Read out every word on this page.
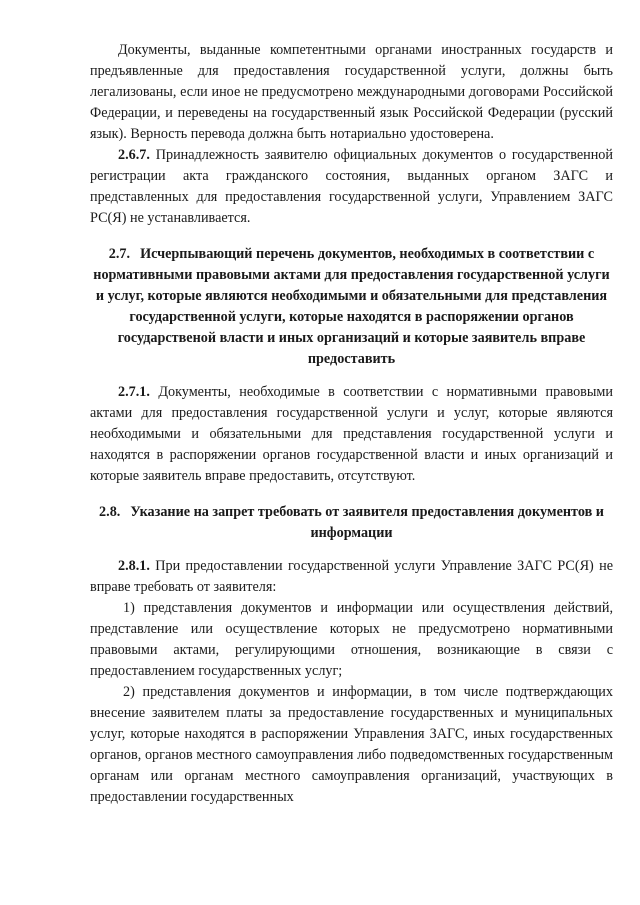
Документы, выданные компетентными органами иностранных государств и предъявленные для предоставления государственной услуги, должны быть легализованы, если иное не предусмотрено международными договорами Российской Федерации, и переведены на государственный язык Российской Федерации (русский язык). Верность перевода должна быть нотариально удостоверена.

2.6.7. Принадлежность заявителю официальных документов о государственной регистрации акта гражданского состояния, выданных органом ЗАГС и представленных для предоставления государственной услуги, Управлением ЗАГС РС(Я) не устанавливается.

2.7. Исчерпывающий перечень документов, необходимых в соответствии с нормативными правовыми актами для предоставления государственной услуги и услуг, которые являются необходимыми и обязательными для представления государственной услуги, которые находятся в распоряжении органов государственой власти и иных организаций и которые заявитель вправе предоставить

2.7.1. Документы, необходимые в соответствии с нормативными правовыми актами для предоставления государственной услуги и услуг, которые являются необходимыми и обязательными для представления государственной услуги и находятся в распоряжении органов государственной власти и иных организаций и которые заявитель вправе предоставить, отсутствуют.

2.8. Указание на запрет требовать от заявителя предоставления документов и информации

2.8.1. При предоставлении государственной услуги Управление ЗАГС РС(Я) не вправе требовать от заявителя:

1) представления документов и информации или осуществления действий, представление или осуществление которых не предусмотрено нормативными правовыми актами, регулирующими отношения, возникающие в связи с предоставлением государственных услуг;

2) представления документов и информации, в том числе подтверждающих внесение заявителем платы за предоставление государственных и муниципальных услуг, которые находятся в распоряжении Управления ЗАГС, иных государственных органов, органов местного самоуправления либо подведомственных государственным органам или органам местного самоуправления организаций, участвующих в предоставлении государственных
